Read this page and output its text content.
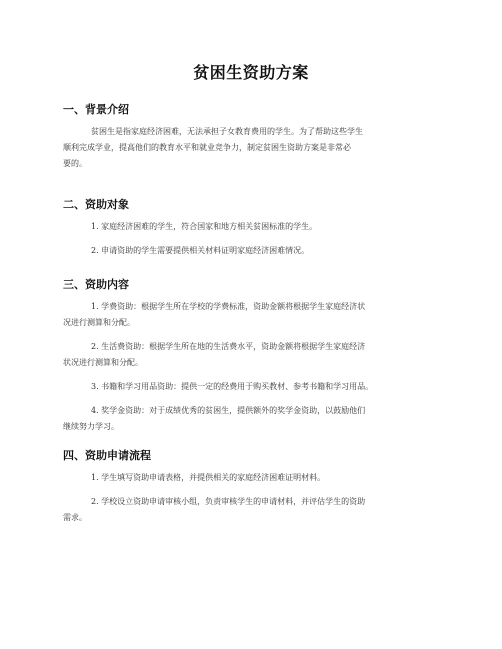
贫困生资助方案
一、背景介绍
贫困生是指家庭经济困难，无法承担子女教育费用的学生。为了帮助这些学生
顺利完成学业，提高他们的教育水平和就业竞争力，制定贫困生资助方案是非常必
要的。
二、资助对象
1. 家庭经济困难的学生，符合国家和地方相关贫困标准的学生。
2. 申请资助的学生需要提供相关材料证明家庭经济困难情况。
三、资助内容
1. 学费资助：根据学生所在学校的学费标准，资助金额将根据学生家庭经济状
况进行测算和分配。
2. 生活费资助：根据学生所在地的生活费水平，资助金额将根据学生家庭经济
状况进行测算和分配。
3. 书籍和学习用品资助：提供一定的经费用于购买教材、参考书籍和学习用品。
4. 奖学金资助：对于成绩优秀的贫困生，提供额外的奖学金资助，以鼓励他们
继续努力学习。
四、资助申请流程
1. 学生填写资助申请表格，并提供相关的家庭经济困难证明材料。
2. 学校设立资助申请审核小组，负责审核学生的申请材料，并评估学生的资助
需求。
